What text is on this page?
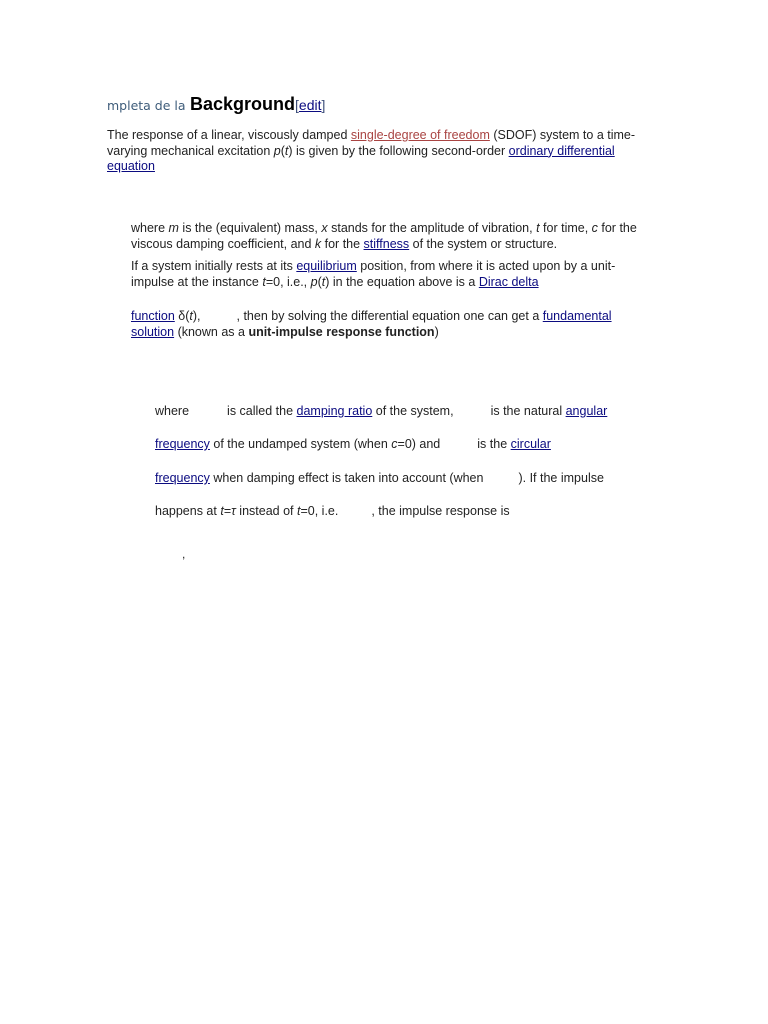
mpleta de la Background[edit]
The response of a linear, viscously damped single-degree of freedom (SDOF) system to a time-varying mechanical excitation p(t) is given by the following second-order ordinary differential equation
where m is the (equivalent) mass, x stands for the amplitude of vibration, t for time, c for the viscous damping coefficient, and k for the stiffness of the system or structure.
If a system initially rests at its equilibrium position, from where it is acted upon by a unit-impulse at the instance t=0, i.e., p(t) in the equation above is a Dirac delta
function δ(t),	, then by solving the differential equation one can get a fundamental solution (known as a unit-impulse response function)
where	is called the damping ratio of the system,	is the natural angular
frequency of the undamped system (when c=0) and	is the circular
frequency when damping effect is taken into account (when	). If the impulse
happens at t=τ instead of t=0, i.e.	, the impulse response is
,
